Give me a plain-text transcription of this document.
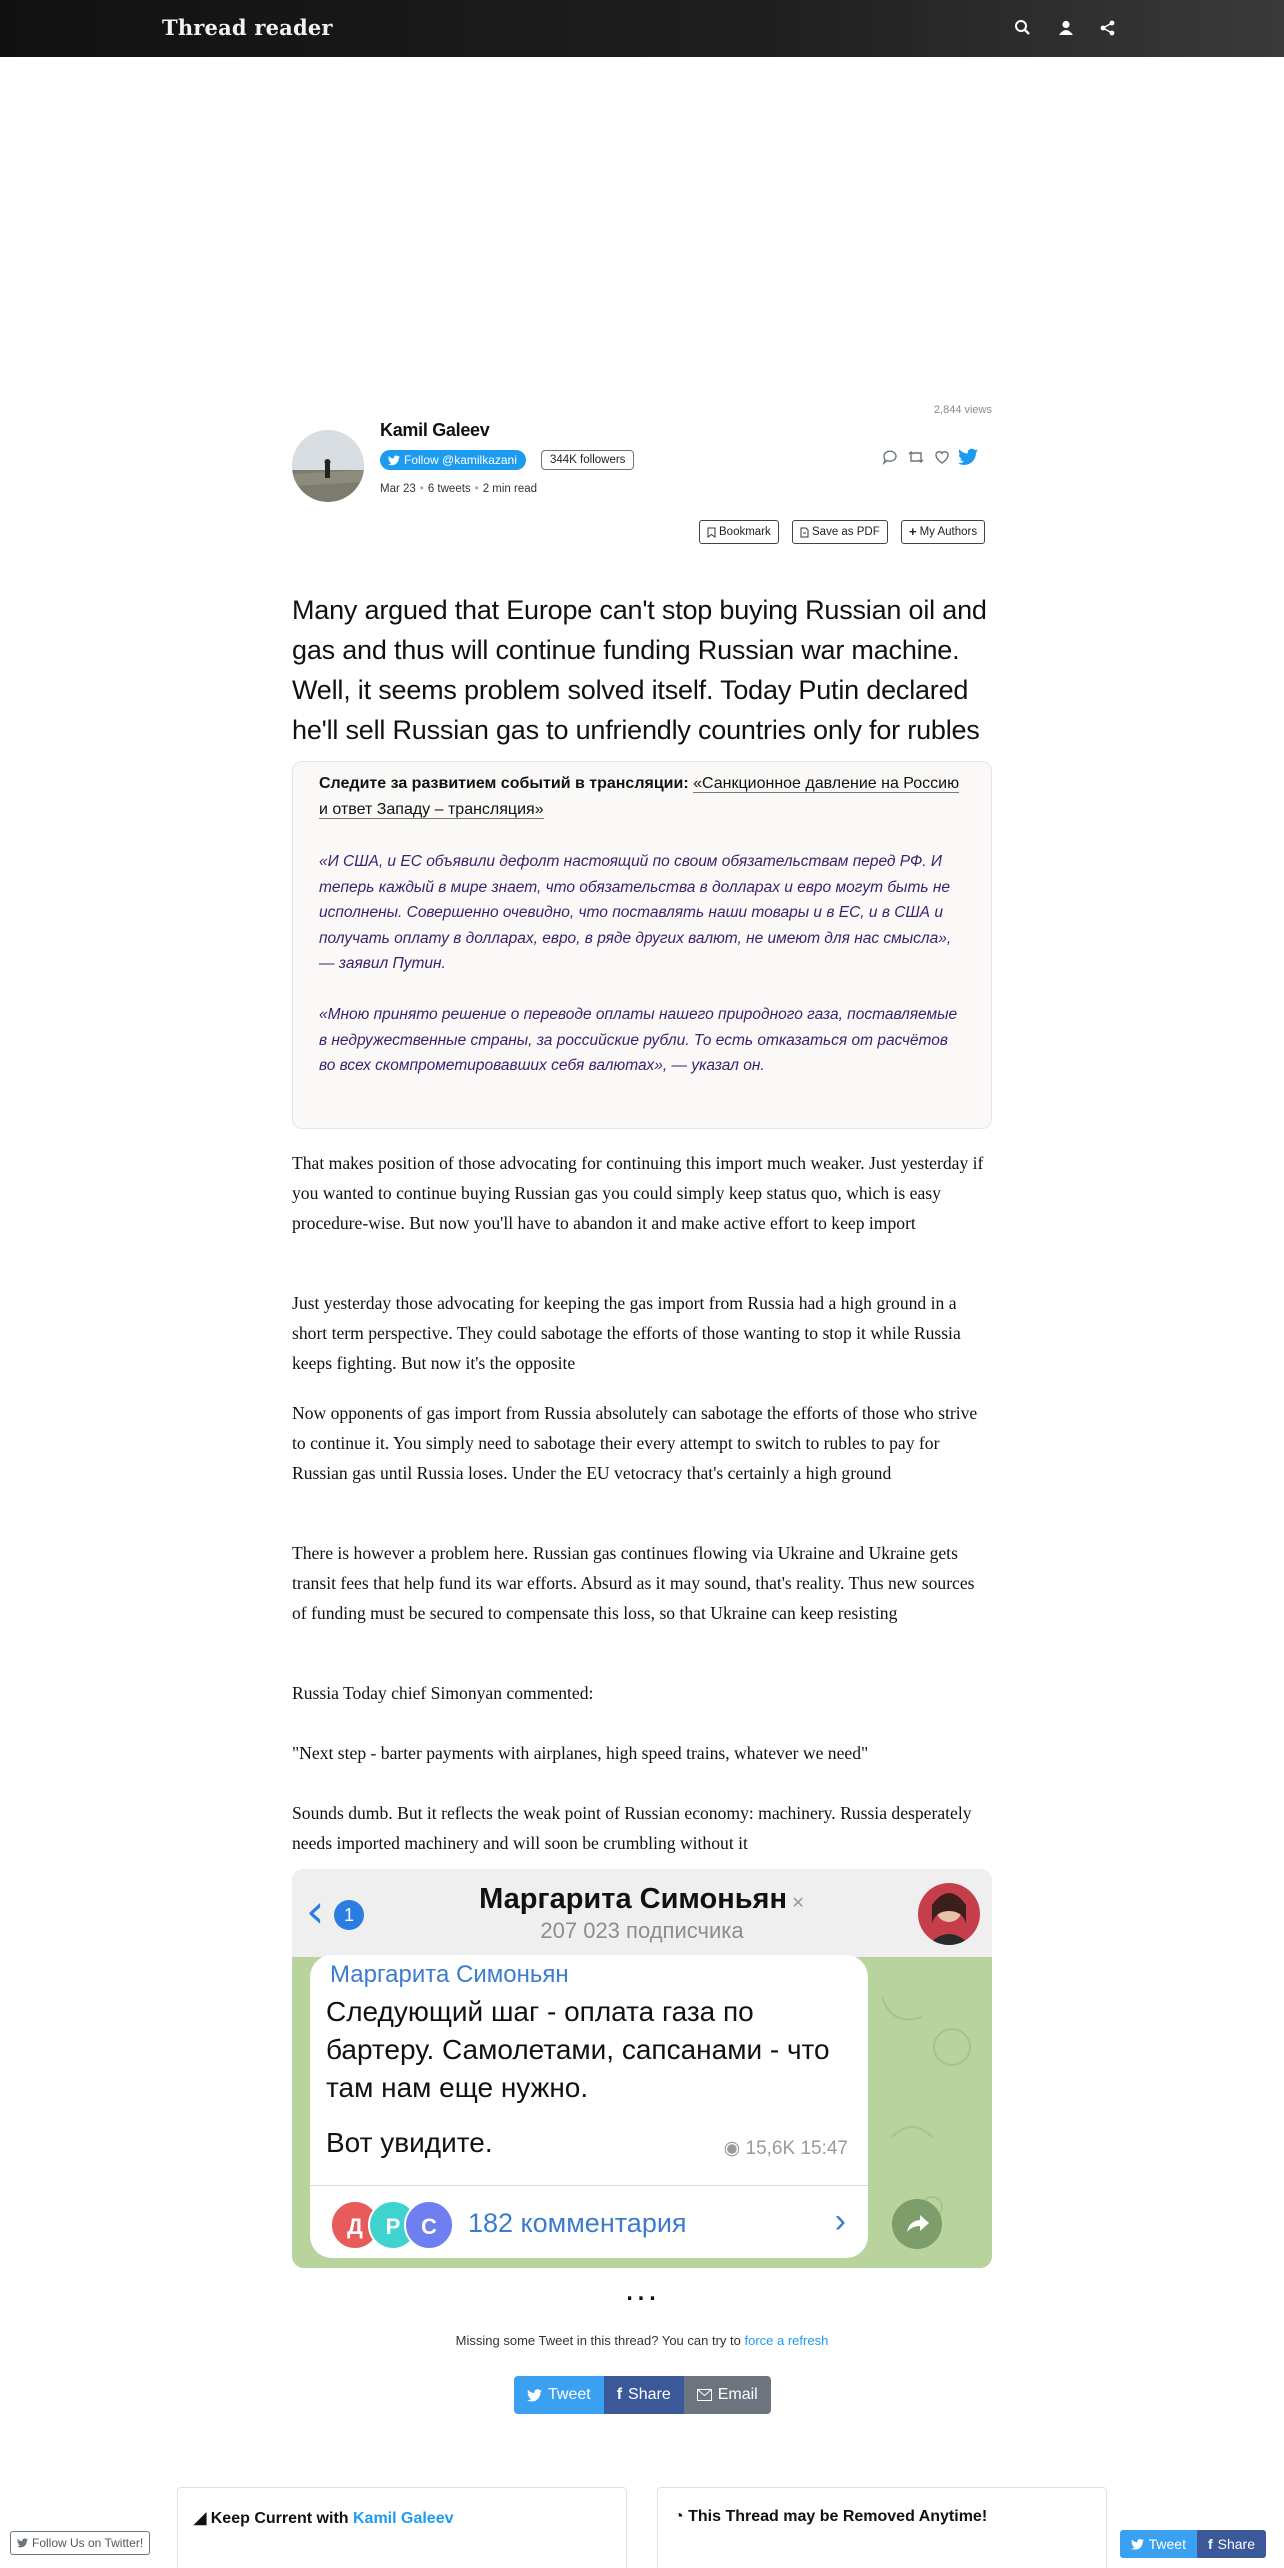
Thread reader
2,844 views
Kamil Galeev
Follow @kamilkazani	344K followers
Mar 23 • 6 tweets • 2 min read
Bookmark	Save as PDF + My Authors
Many argued that Europe can't stop buying Russian oil and gas and thus will continue funding Russian war machine. Well, it seems problem solved itself. Today Putin declared he'll sell Russian gas to unfriendly countries only for rubles
Следите за развитием событий в трансляции: «Санкционное давление на Россию и ответ Западу – трансляция»
«И США, и ЕС объявили дефолт настоящий по своим обязательствам перед РФ. И теперь каждый в мире знает, что обязательства в долларах и евро могут быть не исполнены. Совершенно очевидно, что поставлять наши товары и в ЕС, и в США и получать оплату в долларах, евро, в ряде других валют, не имеют для нас смысла», — заявил Путин.
«Мною принято решение о переводе оплаты нашего природного газа, поставляемые в недружественные страны, за российские рубли. То есть отказаться от расчётов во всех скомпрометировавших себя валютах», — указал он.
That makes position of those advocating for continuing this import much weaker. Just yesterday if you wanted to continue buying Russian gas you could simply keep status quo, which is easy procedure-wise. But now you'll have to abandon it and make active effort to keep import
Just yesterday those advocating for keeping the gas import from Russia had a high ground in a short term perspective. They could sabotage the efforts of those wanting to stop it while Russia keeps fighting. But now it's the opposite
Now opponents of gas import from Russia absolutely can sabotage the efforts of those who strive to continue it. You simply need to sabotage their every attempt to switch to rubles to pay for Russian gas until Russia loses. Under the EU vetocracy that's certainly a high ground
There is however a problem here. Russian gas continues flowing via Ukraine and Ukraine gets transit fees that help fund its war efforts. Absurd as it may sound, that's reality. Thus new sources of funding must be secured to compensate this loss, so that Ukraine can keep resisting
Russia Today chief Simonyan commented:
"Next step - barter payments with airplanes, high speed trains, whatever we need"
Sounds dumb. But it reflects the weak point of Russian economy: machinery. Russia desperately needs imported machinery and will soon be crumbling without it
‹	1	Маргарита Симоньян ✕
207 023 подписчика
Маргарита Симоньян
Следующий шаг - оплата газа по бартеру. Самолетами, сапсанами - что там нам еще нужно.
Вот увидите.	◉ 15,6K 15:47
Д	Р С	182 комментария	›
...
Missing some Tweet in this thread? You can try to force a refresh
Tweet f Share	Email
◢ Keep Current with Kamil Galeev	◔ This Thread may be Removed Anytime!
Follow Us on Twitter!	Tweet f Share
